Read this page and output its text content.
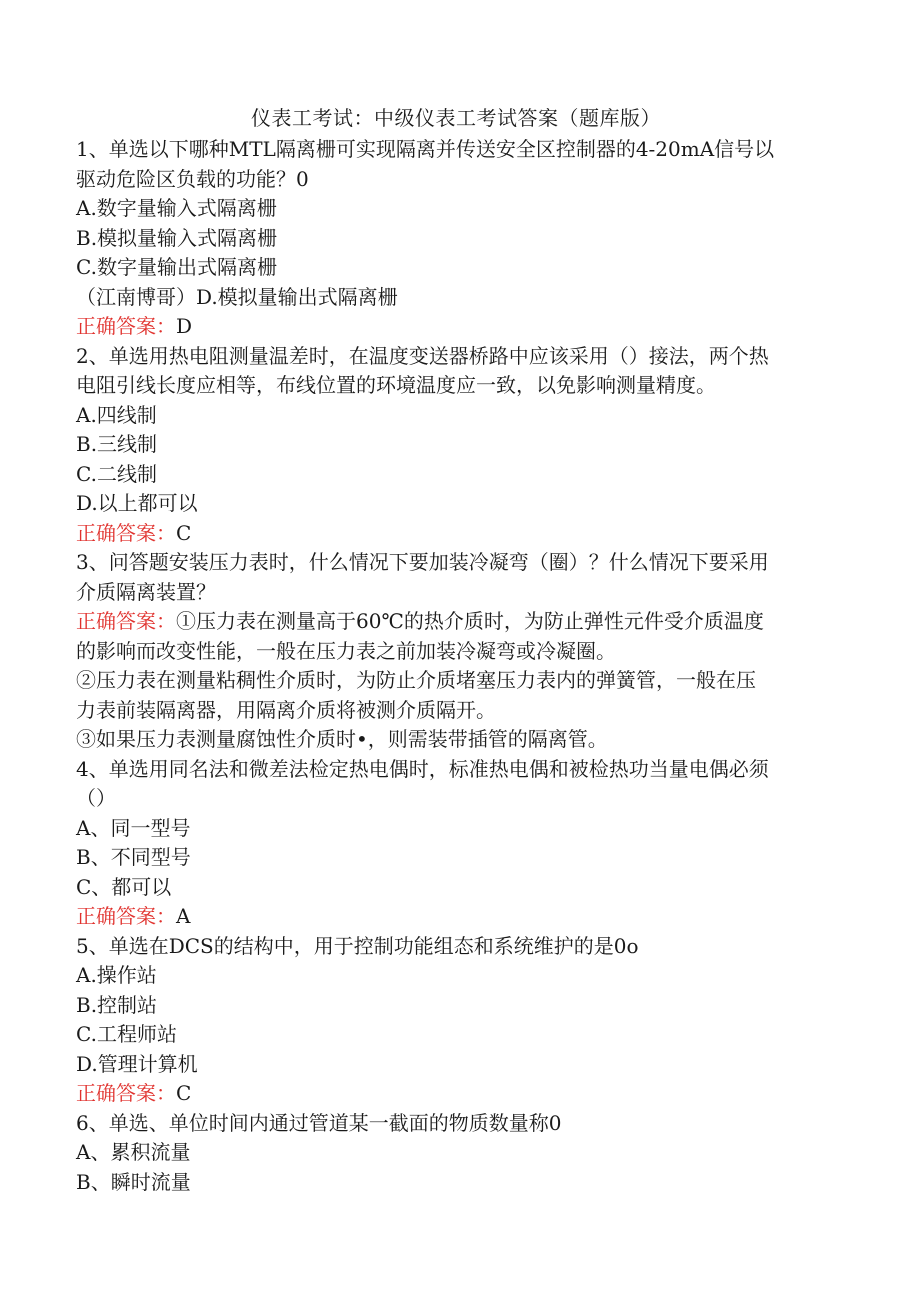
仪表工考试：中级仪表工考试答案（题库版）

1、单选以下哪种MTL隔离栅可实现隔离并传送安全区控制器的4-20mA信号以

驱动危险区负载的功能？0

A.数字量输入式隔离栅

B.模拟量输入式隔离栅

C.数字量输出式隔离栅

（江南博哥）D.模拟量输出式隔离栅

正确答案：D

2、单选用热电阻测量温差时，在温度变送器桥路中应该采用（）接法，两个热

电阻引线长度应相等，布线位置的环境温度应一致，以免影响测量精度。

A.四线制

B.三线制

C.二线制

D.以上都可以

正确答案：C

3、问答题安装压力表时，什么情况下要加装冷凝弯（圈）？什么情况下要采用

介质隔离装置？

正确答案：①压力表在测量高于60℃的热介质时，为防止弹性元件受介质温度

的影响而改变性能，一般在压力表之前加装冷凝弯或冷凝圈。

②压力表在测量粘稠性介质时，为防止介质堵塞压力表内的弹簧管，一般在压

力表前装隔离器，用隔离介质将被测介质隔开。

③如果压力表测量腐蚀性介质时•，则需装带插管的隔离管。

4、单选用同名法和微差法检定热电偶时，标准热电偶和被检热功当量电偶必须

（）

A、同一型号

B、不同型号

C、都可以

正确答案：A

5、单选在DCS的结构中，用于控制功能组态和系统维护的是0o

A.操作站

B.控制站

C.工程师站

D.管理计算机

正确答案：C

6、单选、单位时间内通过管道某一截面的物质数量称0

A、累积流量

B、瞬时流量
